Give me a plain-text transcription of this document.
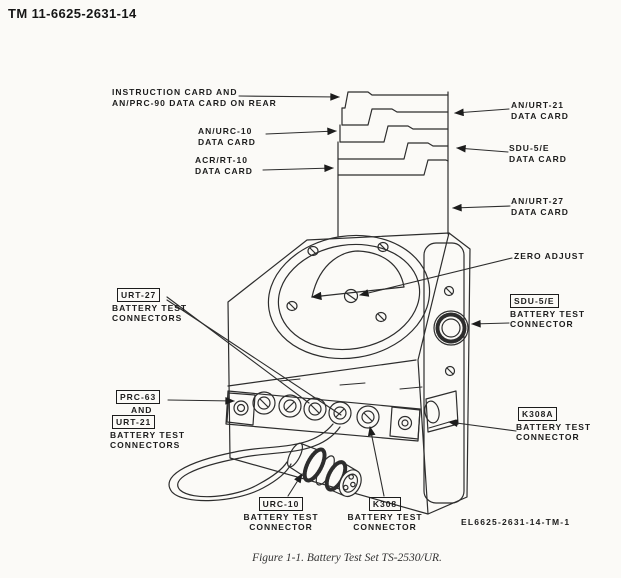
TM 11-6625-2631-14
INSTRUCTION CARD AND
AN/PRC-90 DATA CARD ON REAR
AN/URC-10
DATA CARD
ACR/RT-10
DATA CARD
AN/URT-21
DATA CARD
SDU-5/E
DATA CARD
AN/URT-27
DATA CARD
ZERO ADJUST
URT-27
BATTERY TEST
CONNECTORS
PRC-63
AND
URT-21
BATTERY TEST
CONNECTORS
SDU-5/E
BATTERY TEST
CONNECTOR
K308A
BATTERY TEST
CONNECTOR
URC-10
BATTERY TEST
CONNECTOR
K308
BATTERY TEST
CONNECTOR	EL6625-2631-14-TM-1
Figure 1-1. Battery Test Set TS-2530/UR.
